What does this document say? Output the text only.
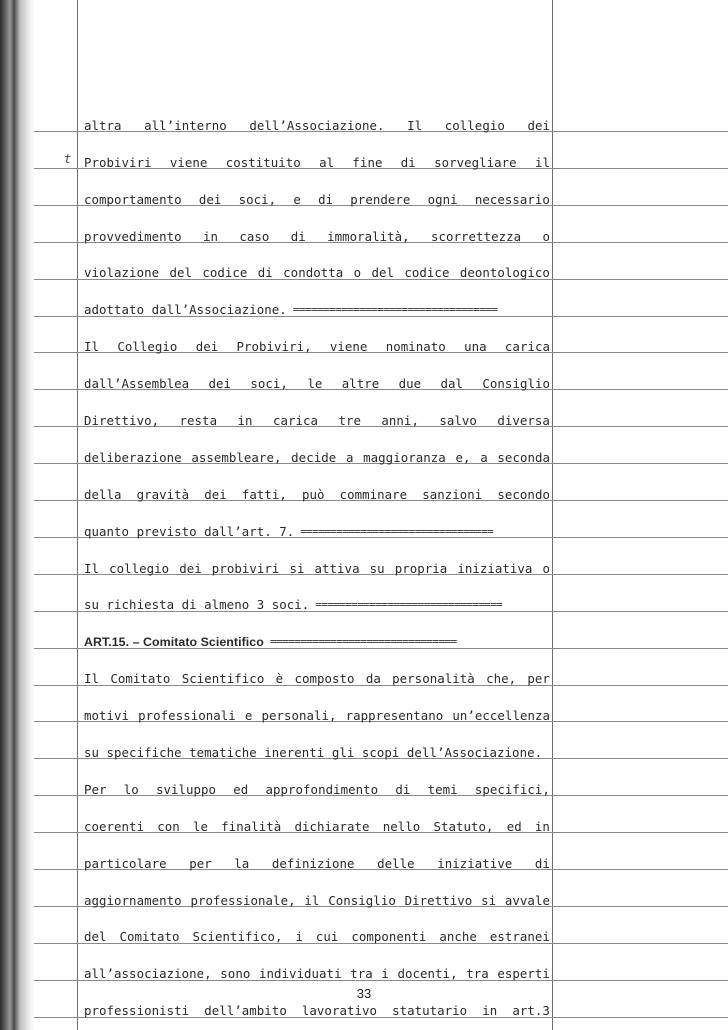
t
altra all’interno dell’Associazione. Il collegio dei
Probiviri viene costituito al fine di sorvegliare il
comportamento dei soci, e di prendere ogni necessario
provvedimento in caso di immoralità, scorrettezza o
violazione del codice di condotta o del codice deontologico
adottato dall’Associazione. ==================================
Il Collegio dei Probiviri, viene nominato una carica
dall’Assemblea dei soci, le altre due dal Consiglio
Direttivo, resta in carica tre anni, salvo diversa
deliberazione assembleare, decide a maggioranza e, a seconda
della gravità dei fatti, può comminare sanzioni secondo
quanto previsto dall’art. 7. ================================
Il collegio dei probiviri si attiva su propria iniziativa o
su richiesta di almeno 3 soci. ===============================
ART.15. – Comitato Scientifico ===============================
Il Comitato Scientifico è composto da personalità che, per
motivi professionali e personali, rappresentano un’eccellenza
su specifiche tematiche inerenti gli scopi dell’Associazione.
Per lo sviluppo ed approfondimento di temi specifici,
coerenti con le finalità dichiarate nello Statuto, ed in
particolare per la definizione delle iniziative di
aggiornamento professionale, il Consiglio Direttivo si avvale
del Comitato Scientifico, i cui componenti anche estranei
all’associazione, sono individuati tra i docenti, tra esperti
professionisti dell’ambito lavorativo statutario in art.3
33
